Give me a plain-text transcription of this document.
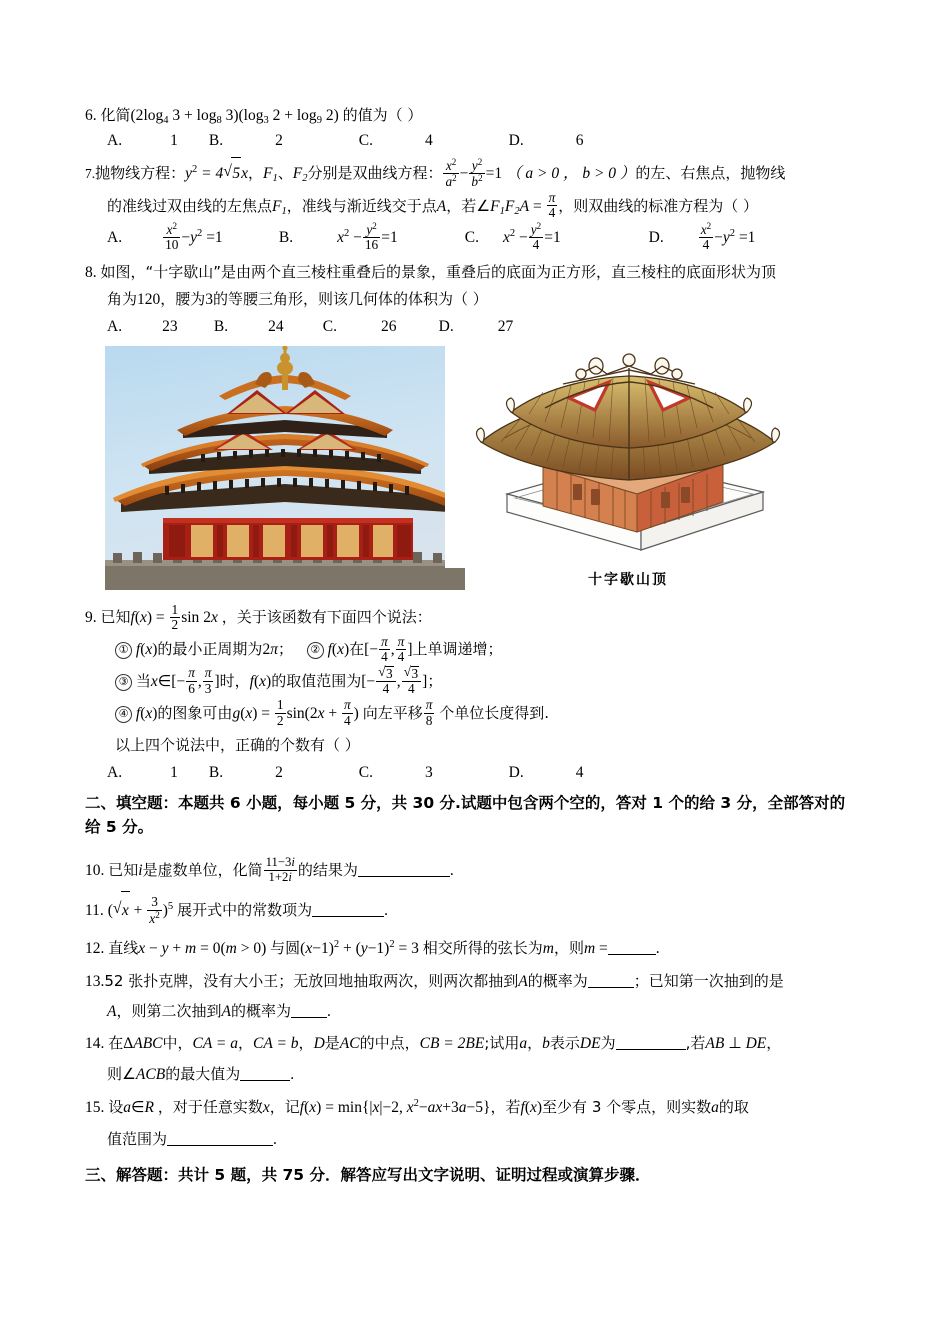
6. 化简(2log4 3 + log8 3)(log3 2 + log9 2) 的值为（ ）
A.	1 B.	2	C.	4	D.	6
7.抛物线方程：$y^2 = 4$ √ 5x，$F_1$、$F_2$分别是双曲线方程： $\frac{x^2}{a^2} - \frac{y^2}{b^2} =1$ （ a > 0 ， b > 0 ）的左、右焦点，抛物线
的准线过双由线的左焦点$F_1$，准线与渐近线交于点A，若$\angle F_1F_2A = \frac{\pi}{4}$ ，则双曲线的标准方程为（ ）
A.	$\frac{x^2}{10} -y^2 =1$	B.	$x^2 - \frac{y^2}{16} =1$	C. $x^2 - \frac{y^2}{4} =1$	D.	$\frac{x^2}{4} -y^2 =1$
8. 如图，“十字歇山”是由两个直三棱柱重叠后的景象，重叠后的底面为正方形，直三棱柱的底面形状为顶
角为120，腰为3的等腰三角形，则该几何体的体积为（ ）
A.	23 B.	24	C.	26	D.	27
十字歇山顶
9. 已知$f(x) = \frac{1}{2}$ sin 2x ，关于该函数有下面四个说法：
① f(x)的最小正周期为2π； ② f(x)在[− $\frac{\pi}{4}$ , $\frac{\pi}{4}$ ]上单调递增；
③ 当x∈[− $\frac{\pi}{6}$ , $\frac{\pi}{3}$ ]时，f(x)的取值范围为[− √ $\frac{3}{4}$ , √ $\frac{3}{4}$ ]；
④ f(x)的图象可由$g(x) = \frac{1}{2} \sin(2x + \frac{\pi}{4}$ ) 向左平移 $\frac{\pi}{8}$ 个单位长度得到.
以上四个说法中，正确的个数有（ ）
A.	1 B.	2	C.	3	D.	4
二、填空题：本题共 6 小题，每小题 5 分，共 30 分.试题中包含两个空的，答对 1 个的给 3 分，全部答对的
给 5 分。
10. 已知i是虚数单位，化简 $\frac{11-3i}{1+2i}$ 的结果为	.
11. ( √ $x + \frac{3}{x^2} )^5$ 展开式中的常数项为	.
12. 直线x − y + m = 0(m > 0) 与圆$(x-1)^2 + (y-1)^2 = 3$ 相交所得的弦长为m，则m =	.
13.52 张扑克牌，没有大小王；无放回地抽取两次，则两次都抽到A的概率为	；已知第一次抽到的是
A，则第二次抽到A的概率为 .
14. 在ΔABC中，CA = a，CA = b，D是AC的中点，CB = 2BE;试用a，b表示DE为	,若AB ⊥ DE，
则∠ACB的最大值为	.
15. 设a∈R ，对于任意实数x，记f(x) = min{|x|−2, $x^2-ax+3a-5$}，若f(x)至少有 3 个零点，则实数a的取
值范围为	.
三、解答题：共计 5 题，共 75 分．解答应写出文字说明、证明过程或演算步骤．
